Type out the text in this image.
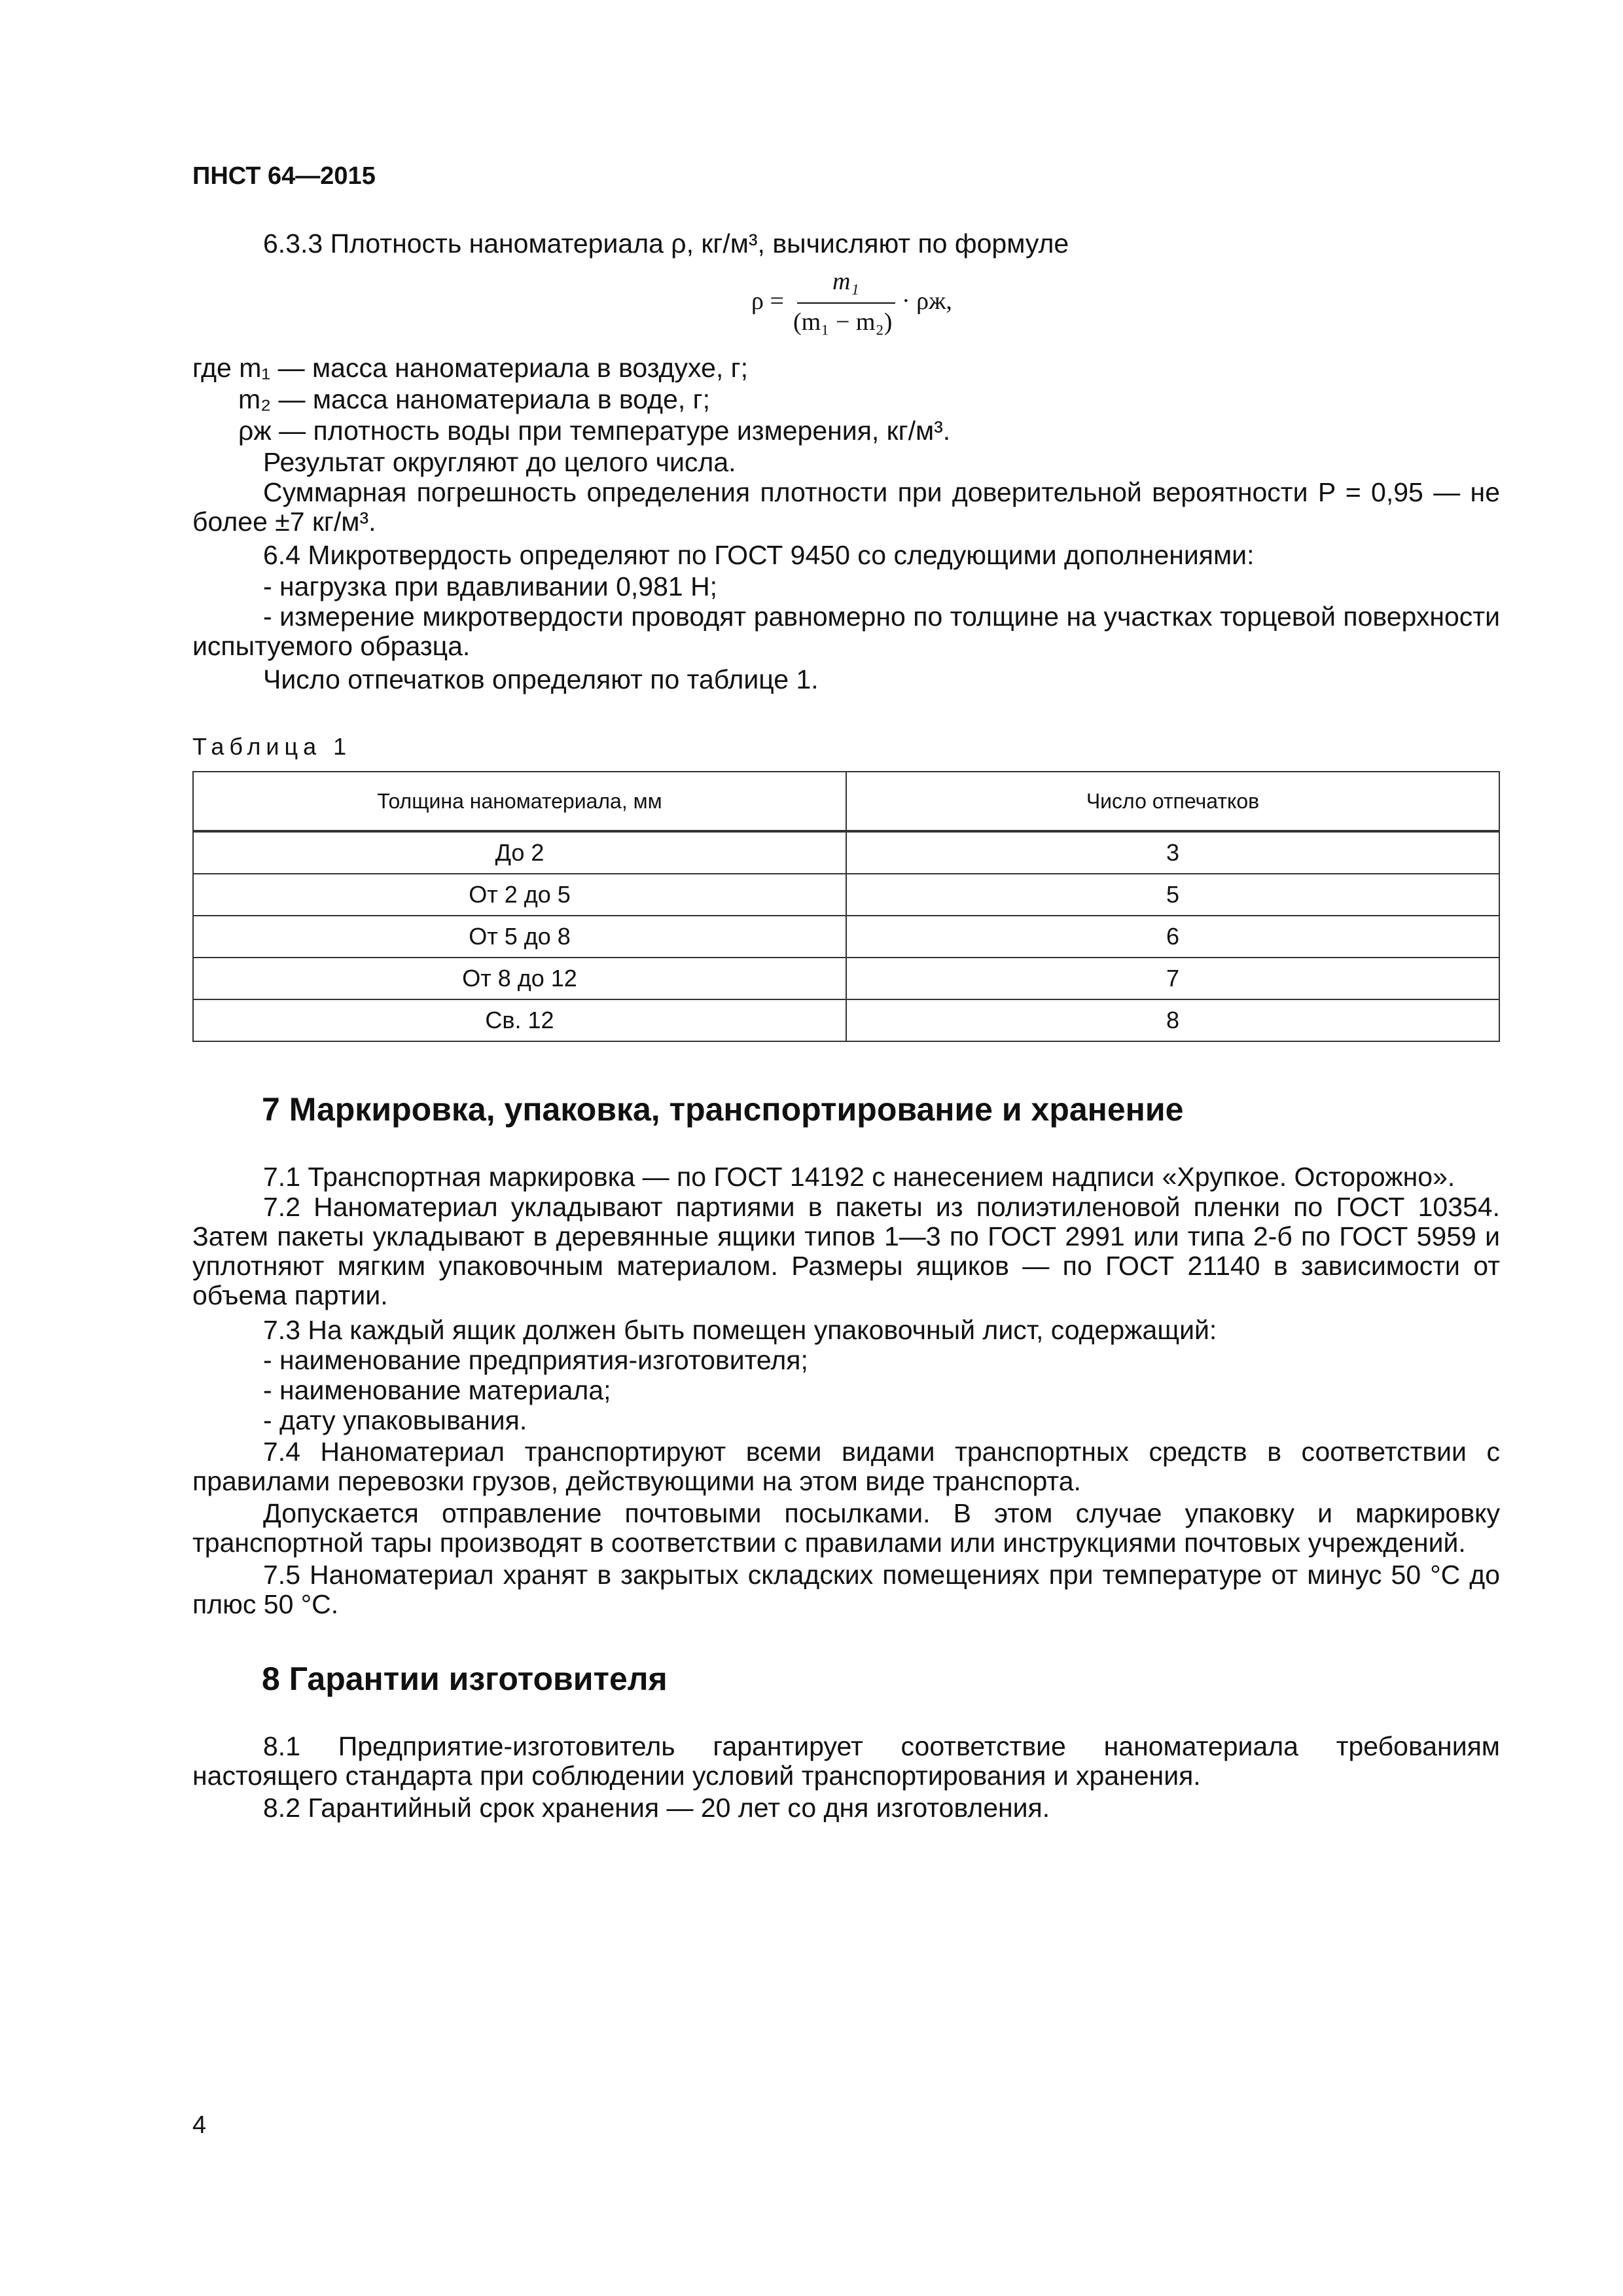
ПНСТ 64—2015
6.3.3 Плотность наноматериала ρ, кг/м³, вычисляют по формуле
ρ =
m₁
(m₁ − m₂)
· ρж,
где m₁ — масса наноматериала в воздухе, г;
m₂ — масса наноматериала в воде, г;
ρж — плотность воды при температуре измерения, кг/м³.
Результат округляют до целого числа.
Суммарная погрешность определения плотности при доверительной вероятности P = 0,95 — не более ±7 кг/м³.
6.4 Микротвердость определяют по ГОСТ 9450 со следующими дополнениями:
- нагрузка при вдавливании 0,981 Н;
- измерение микротвердости проводят равномерно по толщине на участках торцевой поверхности испытуемого образца.
Число отпечатков определяют по таблице 1.
Таблица 1
Толщина наноматериала, мм	Число отпечатков
До 2	3
От 2 до 5	5
От 5 до 8	6
От 8 до 12	7
Св. 12	8
7 Маркировка, упаковка, транспортирование и хранение
7.1 Транспортная маркировка — по ГОСТ 14192 с нанесением надписи «Хрупкое. Осторожно».
7.2 Наноматериал укладывают партиями в пакеты из полиэтиленовой пленки по ГОСТ 10354. Затем пакеты укладывают в деревянные ящики типов 1—3 по ГОСТ 2991 или типа 2-б по ГОСТ 5959 и уплотняют мягким упаковочным материалом. Размеры ящиков — по ГОСТ 21140 в зависимости от объема партии.
7.3 На каждый ящик должен быть помещен упаковочный лист, содержащий:
- наименование предприятия-изготовителя;
- наименование материала;
- дату упаковывания.
7.4 Наноматериал транспортируют всеми видами транспортных средств в соответствии с правилами перевозки грузов, действующими на этом виде транспорта.
Допускается отправление почтовыми посылками. В этом случае упаковку и маркировку транспортной тары производят в соответствии с правилами или инструкциями почтовых учреждений.
7.5 Наноматериал хранят в закрытых складских помещениях при температуре от минус 50 °С до плюс 50 °С.
8 Гарантии изготовителя
8.1 Предприятие-изготовитель гарантирует соответствие наноматериала требованиям настоящего стандарта при соблюдении условий транспортирования и хранения.
8.2 Гарантийный срок хранения — 20 лет со дня изготовления.
4
